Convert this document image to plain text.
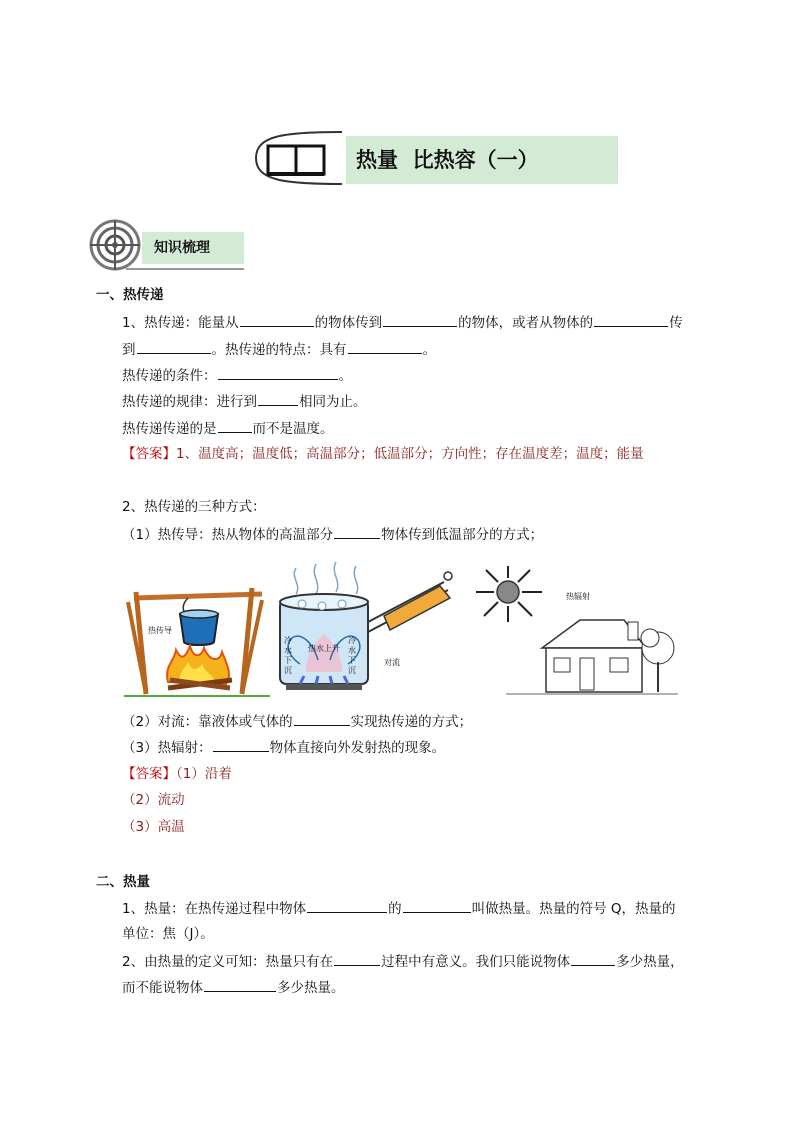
热量  比热容（一）
知识梳理
一、热传递
1、热传递：能量从	的物体传到	的物体，或者从物体的	传
到	。热传递的特点：具有	。
热传递的条件：	。
热传递的规律：进行到	相同为止。
热传递传递的是	而不是温度。
【答案】1、温度高；温度低；高温部分；低温部分；方向性；存在温度差；温度；能量
2、热传递的三种方式：
（1）热传导：热从物体的高温部分	物体传到低温部分的方式；
热传导
冷水下沉
热水上升
冷水下沉
对流
热辐射
（2）对流：靠液体或气体的	实现热传递的方式；
（3）热辐射：	物体直接向外发射热的现象。
【答案】（1）沿着
（2）流动
（3）高温
二、热量
1、热量：在热传递过程中物体	的	叫做热量。热量的符号 Q，热量的
单位：焦（J）。
2、由热量的定义可知：热量只有在	过程中有意义。我们只能说物体	多少热量，
而不能说物体	多少热量。
